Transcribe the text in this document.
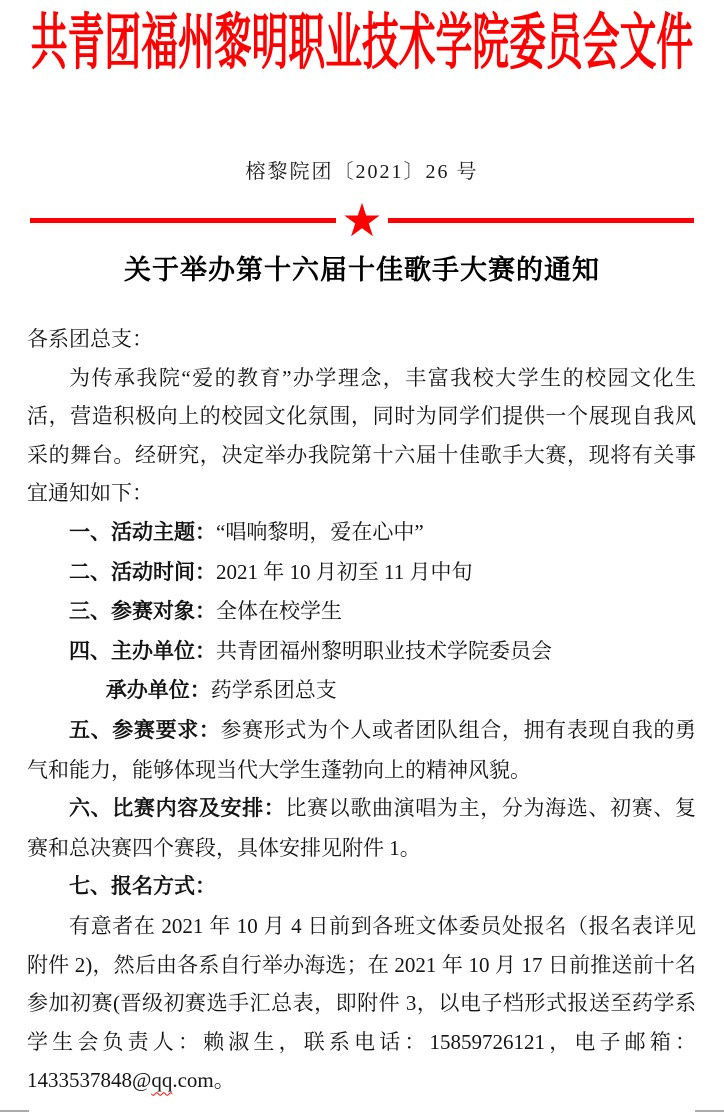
共青团福州黎明职业技术学院委员会文件
榕黎院团〔2021〕26 号
★
关于举办第十六届十佳歌手大赛的通知

各系团总支：

为传承我院“爱的教育”办学理念，丰富我校大学生的校园文化生活，营造积极向上的校园文化氛围，同时为同学们提供一个展现自我风采的舞台。经研究，决定举办我院第十六届十佳歌手大赛，现将有关事宜通知如下：

一、活动主题：“唱响黎明，爱在心中”

二、活动时间：2021 年 10 月初至 11 月中旬

三、参赛对象：全体在校学生

四、主办单位：共青团福州黎明职业技术学院委员会

承办单位：药学系团总支

五、参赛要求：参赛形式为个人或者团队组合，拥有表现自我的勇气和能力，能够体现当代大学生蓬勃向上的精神风貌。

六、比赛内容及安排：比赛以歌曲演唱为主，分为海选、初赛、复赛和总决赛四个赛段，具体安排见附件 1。

七、报名方式：

有意者在 2021 年 10 月 4 日前到各班文体委员处报名（报名表详见附件 2)，然后由各系自行举办海选；在 2021 年 10 月 17 日前推送前十名参加初赛(晋级初赛选手汇总表，即附件 3，以电子档形式报送至药学系学生会负责人：赖淑生，联系电话：15859726121，电子邮箱：1433537848@qq.com。
